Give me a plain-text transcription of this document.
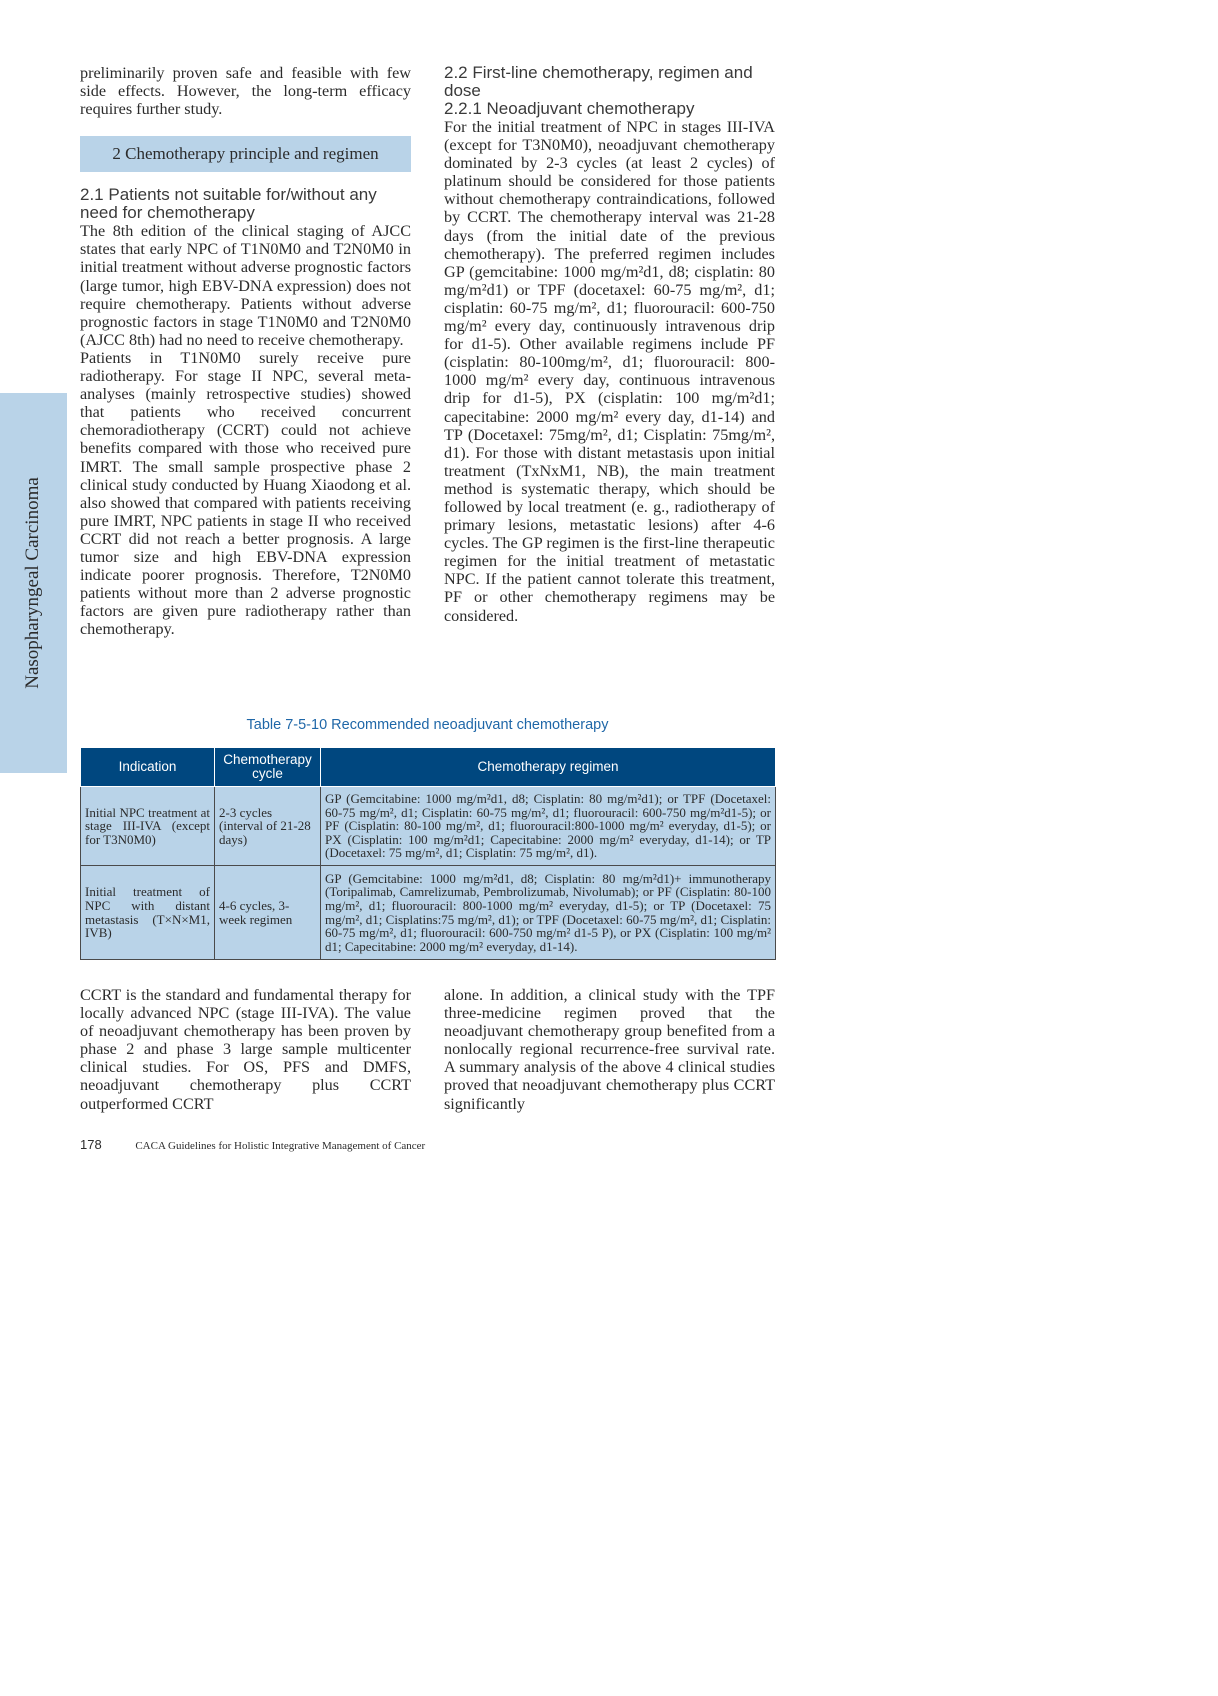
Nasopharyngeal Carcinoma

preliminarily proven safe and feasible with few side effects. However, the long-term efficacy requires further study.

2 Chemotherapy principle and regimen

2.1 Patients not suitable for/without any need for chemotherapy

The 8th edition of the clinical staging of AJCC states that early NPC of T1N0M0 and T2N0M0 in initial treatment without adverse prognostic factors (large tumor, high EBV-DNA expression) does not require chemotherapy. Patients without adverse prognostic factors in stage T1N0M0 and T2N0M0 (AJCC 8th) had no need to receive chemotherapy.

Patients in T1N0M0 surely receive pure radiotherapy. For stage II NPC, several meta-analyses (mainly retrospective studies) showed that patients who received concurrent chemoradiotherapy (CCRT) could not achieve benefits compared with those who received pure IMRT. The small sample prospective phase 2 clinical study conducted by Huang Xiaodong et al. also showed that compared with patients receiving pure IMRT, NPC patients in stage II who received CCRT did not reach a better prognosis. A large tumor size and high EBV-DNA expression indicate poorer prognosis. Therefore, T2N0M0 patients without more than 2 adverse prognostic factors are given pure radiotherapy rather than chemotherapy.

2.2 First-line chemotherapy, regimen and dose

2.2.1 Neoadjuvant chemotherapy

For the initial treatment of NPC in stages III-IVA (except for T3N0M0), neoadjuvant chemotherapy dominated by 2-3 cycles (at least 2 cycles) of platinum should be considered for those patients without chemotherapy contraindications, followed by CCRT. The chemotherapy interval was 21-28 days (from the initial date of the previous chemotherapy). The preferred regimen includes GP (gemcitabine: 1000 mg/m²d1, d8; cisplatin: 80 mg/m²d1) or TPF (docetaxel: 60-75 mg/m², d1; cisplatin: 60-75 mg/m², d1; fluorouracil: 600-750 mg/m² every day, continuously intravenous drip for d1-5). Other available regimens include PF (cisplatin: 80-100mg/m², d1; fluorouracil: 800-1000 mg/m² every day, continuous intravenous drip for d1-5), PX (cisplatin: 100 mg/m²d1; capecitabine: 2000 mg/m² every day, d1-14) and TP (Docetaxel: 75mg/m², d1; Cisplatin: 75mg/m², d1). For those with distant metastasis upon initial treatment (TxNxM1, NB), the main treatment method is systematic therapy, which should be followed by local treatment (e. g., radiotherapy of primary lesions, metastatic lesions) after 4-6 cycles. The GP regimen is the first-line therapeutic regimen for the initial treatment of metastatic NPC. If the patient cannot tolerate this treatment, PF or other chemotherapy regimens may be considered.

Table 7-5-10 Recommended neoadjuvant chemotherapy
Indication	Chemotherapy cycle	Chemotherapy regimen
Initial NPC treatment at stage III-IVA (except for T3N0M0)	2-3 cycles (interval of 21-28 days)	GP (Gemcitabine: 1000 mg/m²d1, d8; Cisplatin: 80 mg/m²d1); or TPF (Docetaxel: 60-75 mg/m², d1; Cisplatin: 60-75 mg/m², d1; fluorouracil: 600-750 mg/m²d1-5); or PF (Cisplatin: 80-100 mg/m², d1; fluorouracil:800-1000 mg/m² everyday, d1-5); or PX (Cisplatin: 100 mg/m²d1; Capecitabine: 2000 mg/m² everyday, d1-14); or TP (Docetaxel: 75 mg/m², d1; Cisplatin: 75 mg/m², d1).
Initial treatment of NPC with distant metastasis (T×N×M1, IVB)	4-6 cycles, 3-week regimen	GP (Gemcitabine: 1000 mg/m²d1, d8; Cisplatin: 80 mg/m²d1)+ immunotherapy (Toripalimab, Camrelizumab, Pembrolizumab, Nivolumab); or PF (Cisplatin: 80-100 mg/m², d1; fluorouracil: 800-1000 mg/m² everyday, d1-5); or TP (Docetaxel: 75 mg/m², d1; Cisplatins:75 mg/m², d1); or TPF (Docetaxel: 60-75 mg/m², d1; Cisplatin: 60-75 mg/m², d1; fluorouracil: 600-750 mg/m² d1-5 P), or PX (Cisplatin: 100 mg/m² d1; Capecitabine: 2000 mg/m² everyday, d1-14).

CCRT is the standard and fundamental therapy for locally advanced NPC (stage III-IVA). The value of neoadjuvant chemotherapy has been proven by phase 2 and phase 3 large sample multicenter clinical studies. For OS, PFS and DMFS, neoadjuvant chemotherapy plus CCRT outperformed CCRT

alone. In addition, a clinical study with the TPF three-medicine regimen proved that the neoadjuvant chemotherapy group benefited from a nonlocally regional recurrence-free survival rate. A summary analysis of the above 4 clinical studies proved that neoadjuvant chemotherapy plus CCRT significantly

178	CACA Guidelines for Holistic Integrative Management of Cancer
